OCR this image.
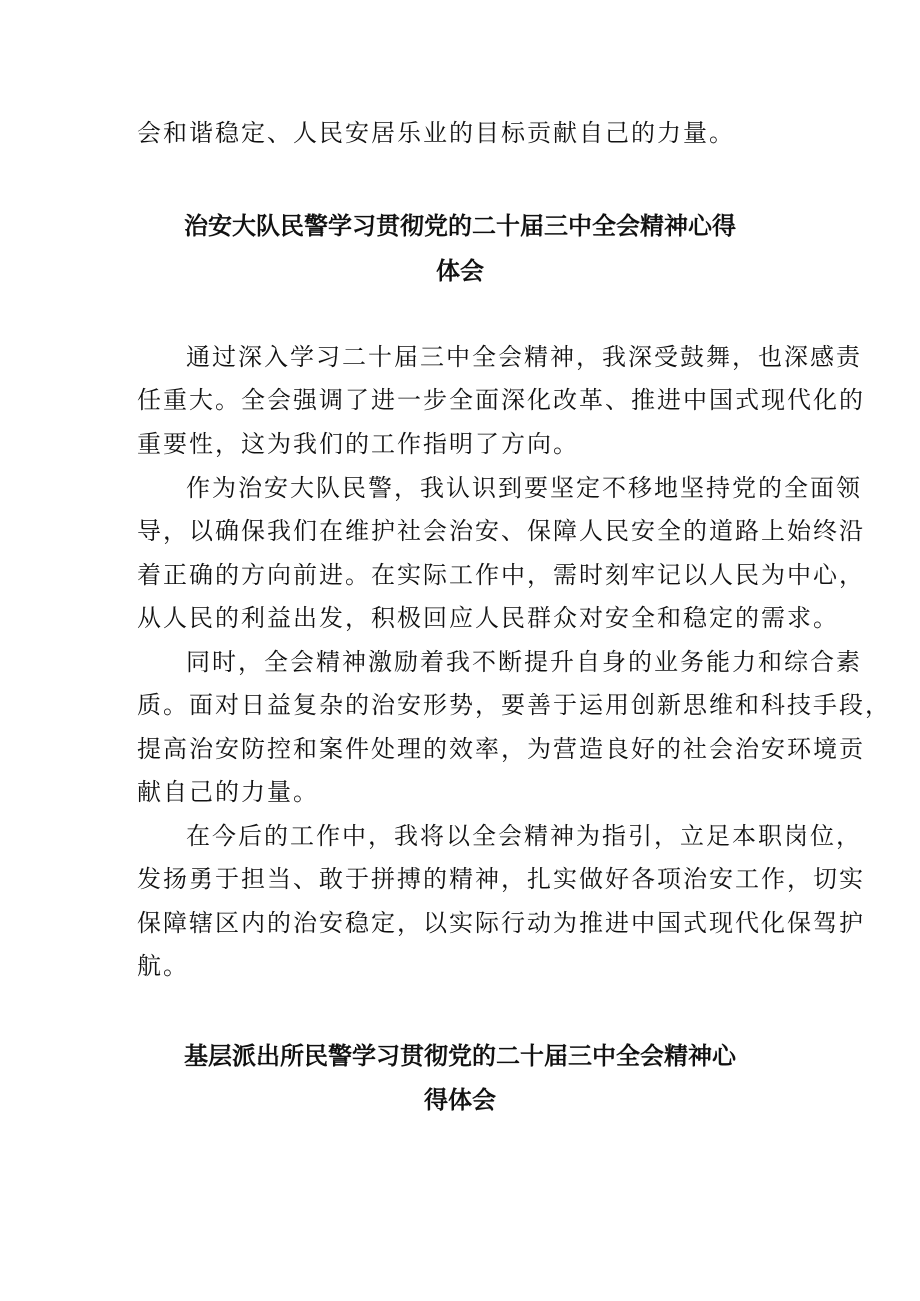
会和谐稳定、人民安居乐业的目标贡献自己的力量。

治安大队民警学习贯彻党的二十届三中全会精神心得
体会

通过深入学习二十届三中全会精神，我深受鼓舞，也深感责

任重大。全会强调了进一步全面深化改革、推进中国式现代化的

重要性，这为我们的工作指明了方向。

作为治安大队民警，我认识到要坚定不移地坚持党的全面领

导，以确保我们在维护社会治安、保障人民安全的道路上始终沿

着正确的方向前进。在实际工作中，需时刻牢记以人民为中心，

从人民的利益出发，积极回应人民群众对安全和稳定的需求。

同时，全会精神激励着我不断提升自身的业务能力和综合素

质。面对日益复杂的治安形势，要善于运用创新思维和科技手段，

提高治安防控和案件处理的效率，为营造良好的社会治安环境贡

献自己的力量。

在今后的工作中，我将以全会精神为指引，立足本职岗位，

发扬勇于担当、敢于拼搏的精神，扎实做好各项治安工作，切实

保障辖区内的治安稳定，以实际行动为推进中国式现代化保驾护

航。

基层派出所民警学习贯彻党的二十届三中全会精神心
得体会
